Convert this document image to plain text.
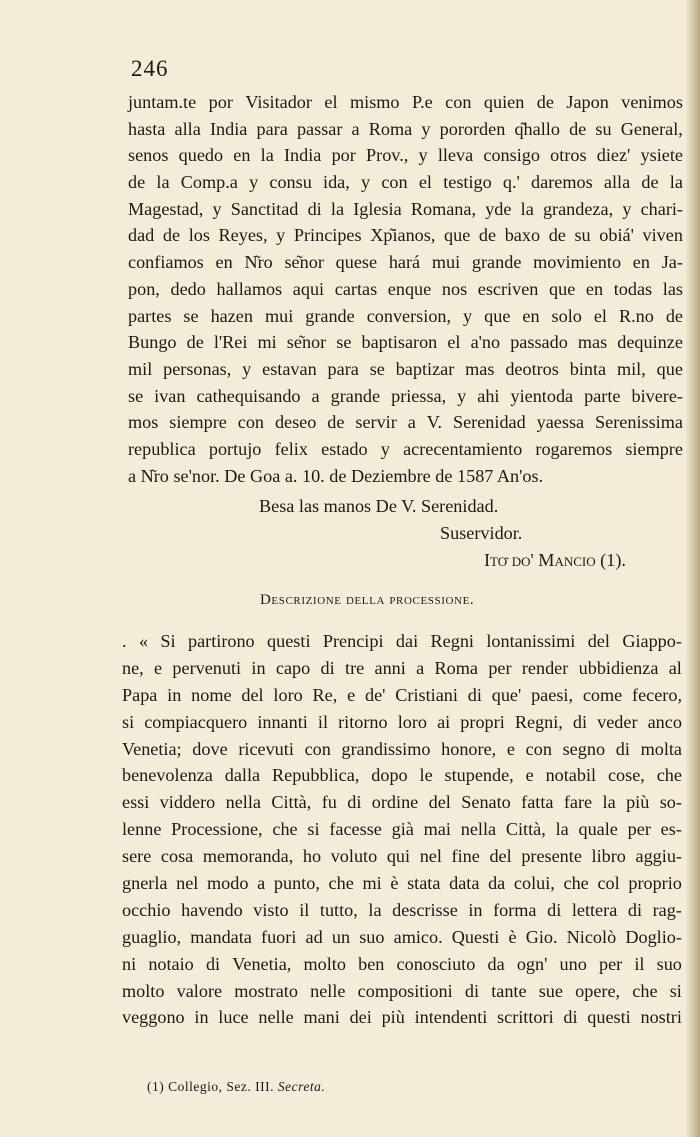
246
juntam.te por Visitador el mismo P.e con quien de Japon venimos
hasta alla India para passar a Roma y pororden q͂hallo de su General,
senos quedo en la India por Prov., y lleva consigo otros diez' ysiete
de la Comp.a y consu ida, y con el testigo q.' daremos alla de la
Magestad, y Sanctitad di la Iglesia Romana, yde la grandeza, y chari-
dad de los Reyes, y Principes Xp͂ianos, que de baxo de su obiá' viven
confiamos en N͂ro se͂nor quese hará mui grande movimiento en Ja-
pon, dedo hallamos aqui cartas enque nos escriven que en todas las
partes se hazen mui grande conversion, y que en solo el R.no de
Bungo de l'Rei mi se͂nor se baptisaron el a'no passado mas dequinze
mil personas, y estavan para se baptizar mas deotros binta mil, que
se ivan cathequisando a grande priessa, y ahi yientoda parte bivere-
mos siempre con deseo de servir a V. Serenidad yaessa Serenissima
republica portujo felix estado y acrecentamiento rogaremos siempre
a N͂ro se'nor. De Goa a. 10. de Deziembre de 1587 An'os.
Besa las manos De V. Serenidad.
Suservidor.
Ito͂ do' Mancio (1).
Descrizione della processione.
. « Si partirono questi Prencipi dai Regni lontanissimi del Giappo-
ne, e pervenuti in capo di tre anni a Roma per render ubbidienza al
Papa in nome del loro Re, e de' Cristiani di que' paesi, come fecero,
si compiacquero innanti il ritorno loro ai propri Regni, di veder anco
Venetia; dove ricevuti con grandissimo honore, e con segno di molta
benevolenza dalla Repubblica, dopo le stupende, e notabil cose, che
essi viddero nella Città, fu di ordine del Senato fatta fare la più so-
lenne Processione, che si facesse già mai nella Città, la quale per es-
sere cosa memoranda, ho voluto qui nel fine del presente libro aggiu-
gnerla nel modo a punto, che mi è stata data da colui, che col proprio
occhio havendo visto il tutto, la descrisse in forma di lettera di rag-
guaglio, mandata fuori ad un suo amico. Questi è Gio. Nicolò Doglio-
ni notaio di Venetia, molto ben conosciuto da ogn' uno per il suo
molto valore mostrato nelle compositioni di tante sue opere, che si
veggono in luce nelle mani dei più intendenti scrittori di questi nostri
(1) Collegio, Sez. III. Secreta.
